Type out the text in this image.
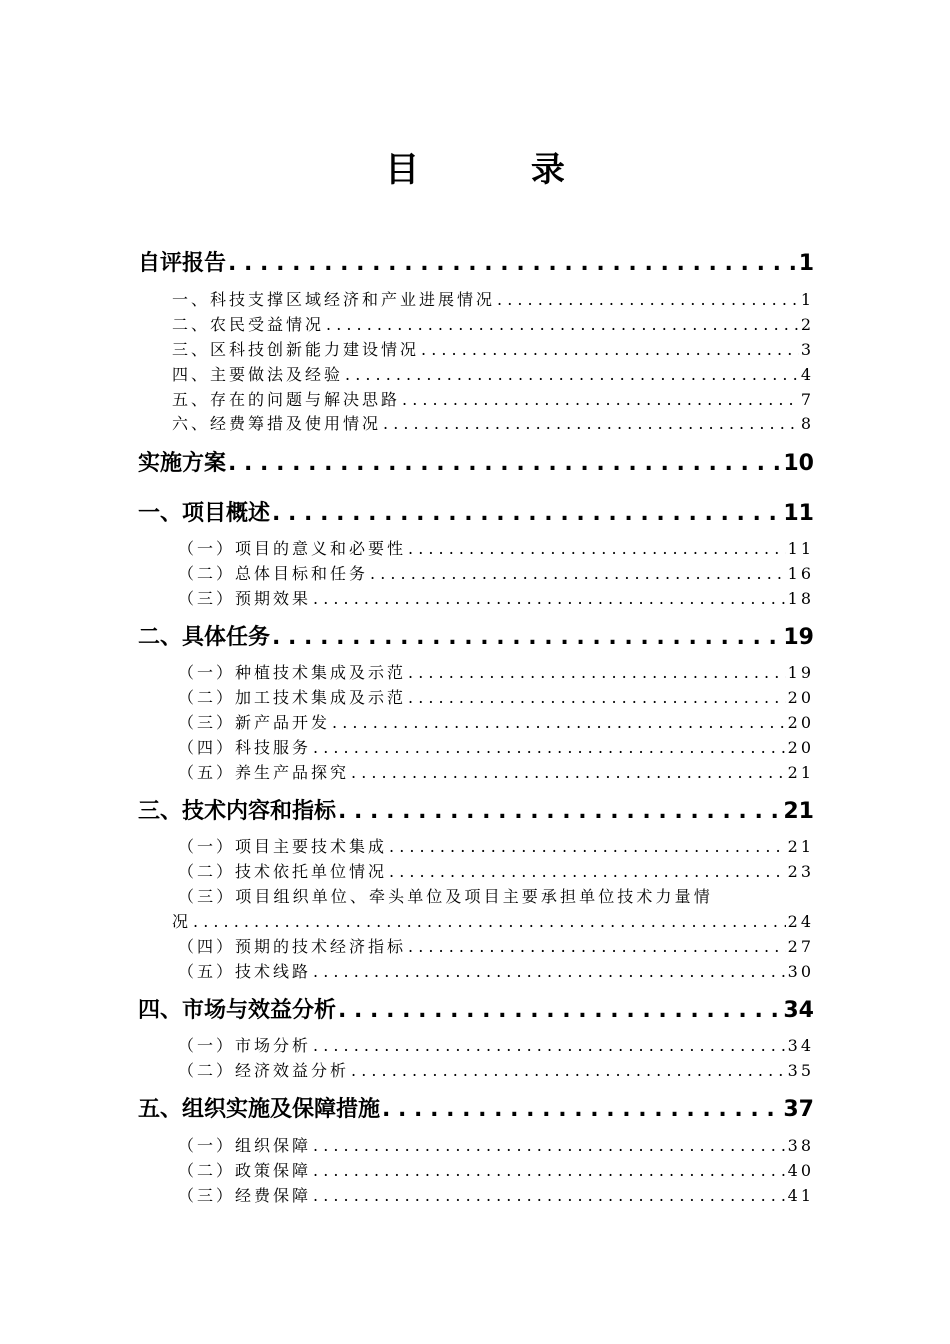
目 录
自评报告 . . .	1
一、科技支撑区域经济和产业进展情况 . . .	1
二、农民受益情况 . . .	2
三、区科技创新能力建设情况 . . .	3
四、主要做法及经验 . . .	4
五、存在的问题与解决思路 . . .	7
六、经费筹措及使用情况 . . .	8
实施方案 . . .	10
一、项目概述 . . .	11
（一）项目的意义和必要性 . . .	11
（二）总体目标和任务 . . .	16
（三）预期效果 . . .	18
二、具体任务 . . .	19
（一）种植技术集成及示范 . . .	19
（二）加工技术集成及示范 . . .	20
（三）新产品开发 . . .	20
（四）科技服务 . . .	20
（五）养生产品探究 . . .	21
三、技术内容和指标 . . .	21
（一）项目主要技术集成 . . .	21
（二）技术依托单位情况 . . .	23
（三）项目组织单位、牵头单位及项目主要承担单位技术力量情
况 . . .	24
（四）预期的技术经济指标 . . .	27
（五）技术线路 . . .	30
四、市场与效益分析 . . .	34
（一）市场分析 . . .	34
（二）经济效益分析 . . .	35
五、组织实施及保障措施 . . .	37
（一）组织保障 . . .	38
（二）政策保障 . . .	40
（三）经费保障 . . .	41
